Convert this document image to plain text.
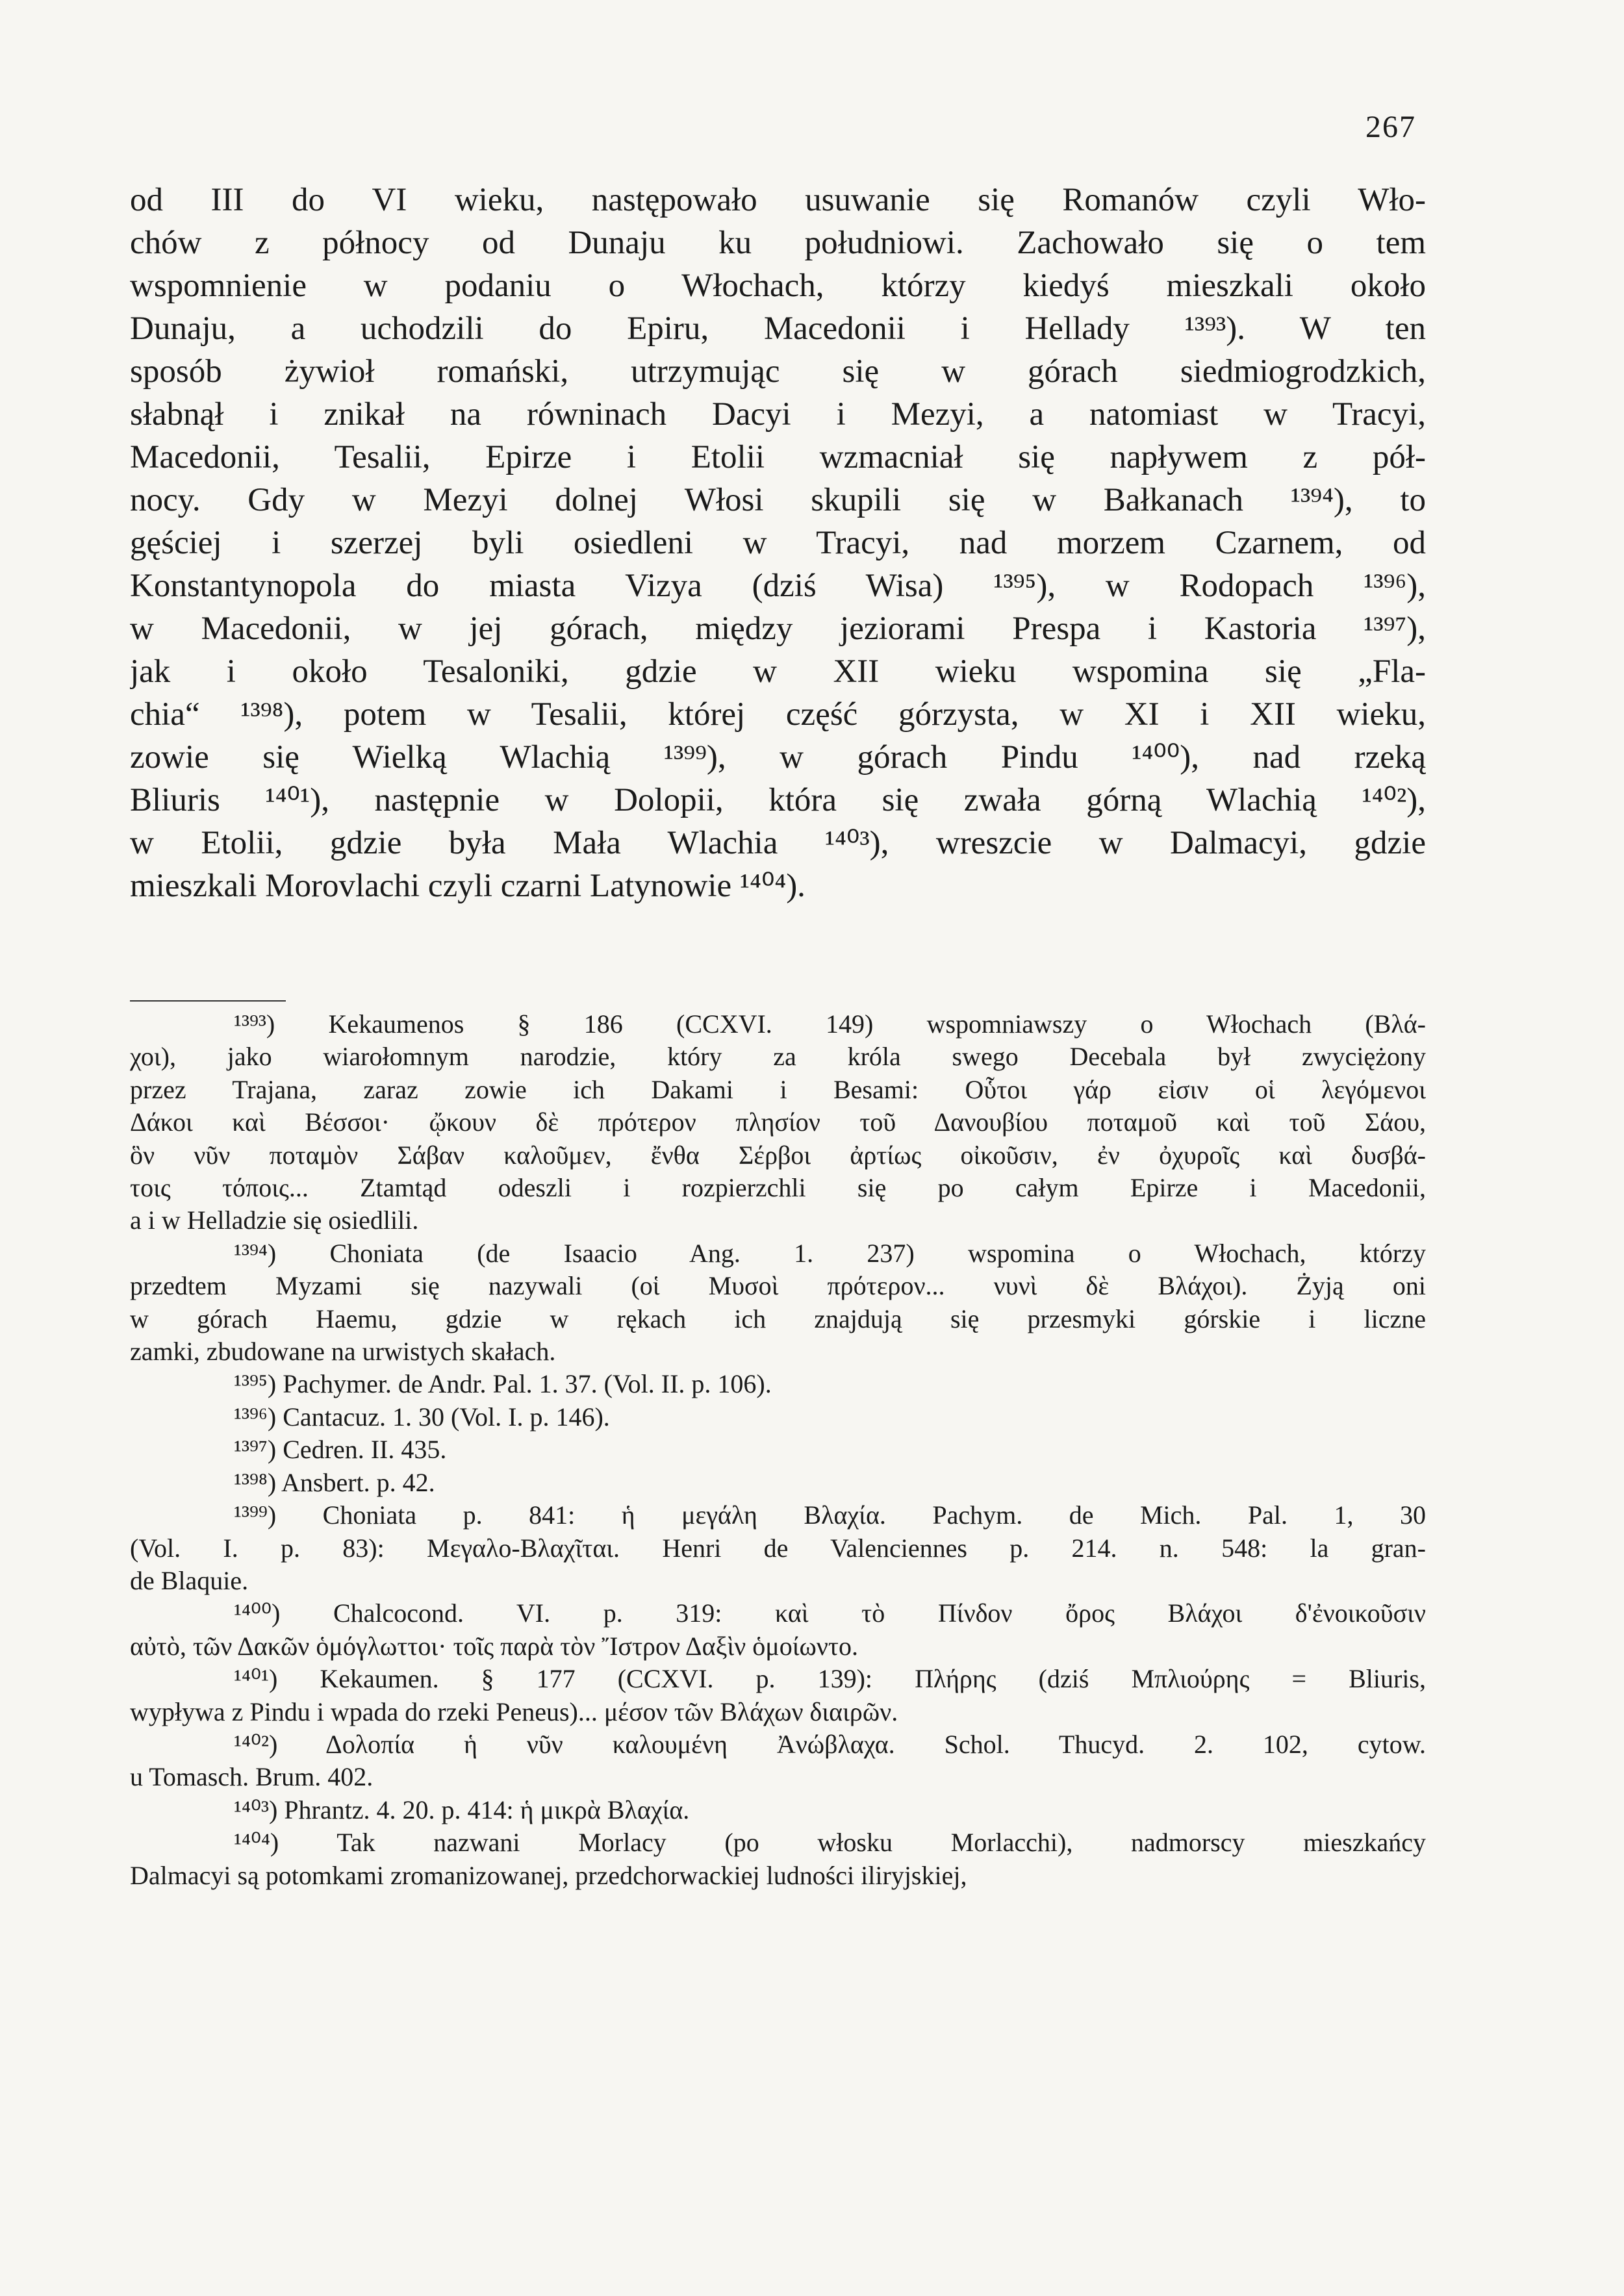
267
od III do VI wieku, następowało usuwanie się Romanów czyli Wło-
chów z północy od Dunaju ku południowi. Zachowało się o tem
wspomnienie w podaniu o Włochach, którzy kiedyś mieszkali około
Dunaju, a uchodzili do Epiru, Macedonii i Hellady ¹³⁹³). W ten
sposób żywioł romański, utrzymując się w górach siedmiogrodzkich,
słabnął i znikał na równinach Dacyi i Mezyi, a natomiast w Tracyi,
Macedonii, Tesalii, Epirze i Etolii wzmacniał się napływem z pół-
nocy. Gdy w Mezyi dolnej Włosi skupili się w Bałkanach ¹³⁹⁴), to
gęściej i szerzej byli osiedleni w Tracyi, nad morzem Czarnem, od
Konstantynopola do miasta Vizya (dziś Wisa) ¹³⁹⁵), w Rodopach ¹³⁹⁶),
w Macedonii, w jej górach, między jeziorami Prespa i Kastoria ¹³⁹⁷),
jak i około Tesaloniki, gdzie w XII wieku wspomina się „Fla-
chia“ ¹³⁹⁸), potem w Tesalii, której część górzysta, w XI i XII wieku,
zowie się Wielką Wlachią ¹³⁹⁹), w górach Pindu ¹⁴⁰⁰), nad rzeką
Bliuris ¹⁴⁰¹), następnie w Dolopii, która się zwała górną Wlachią ¹⁴⁰²),
w Etolii, gdzie była Mała Wlachia ¹⁴⁰³), wreszcie w Dalmacyi, gdzie
mieszkali Morovlachi czyli czarni Latynowie ¹⁴⁰⁴).
¹³⁹³) Kekaumenos § 186 (CCXVI. 149) wspomniawszy o Włochach (Βλά-
χοι), jako wiarołomnym narodzie, który za króla swego Decebala był zwyciężony
przez Trajana, zaraz zowie ich Dakami i Besami: Οὗτοι γάρ εἰσιν οἱ λεγόμενοι
Δάκοι καὶ Βέσσοι· ᾤκουν δὲ πρότερον πλησίον τοῦ Δανουβίου ποταμοῦ καὶ τοῦ Σάου,
ὃν νῦν ποταμὸν Σάβαν καλοῦμεν, ἔνθα Σέρβοι ἀρτίως οἰκοῦσιν, ἐν ὀχυροῖς καὶ δυσβά-
τοις τόποις... Ztamtąd odeszli i rozpierzchli się po całym Epirze i Macedonii,
a i w Helladzie się osiedlili.
¹³⁹⁴) Choniata (de Isaacio Ang. 1. 237) wspomina o Włochach, którzy
przedtem Myzami się nazywali (οἱ Μυσοὶ πρότερον... νυνὶ δὲ Βλάχοι). Żyją oni
w górach Haemu, gdzie w rękach ich znajdują się przesmyki górskie i liczne
zamki, zbudowane na urwistych skałach.
¹³⁹⁵) Pachymer. de Andr. Pal. 1. 37. (Vol. II. p. 106).
¹³⁹⁶) Cantacuz. 1. 30 (Vol. I. p. 146).
¹³⁹⁷) Cedren. II. 435.
¹³⁹⁸) Ansbert. p. 42.
¹³⁹⁹) Choniata p. 841: ἡ μεγάλη Βλαχία. Pachym. de Mich. Pal. 1, 30
(Vol. I. p. 83): Μεγαλο-Βλαχῖται. Henri de Valenciennes p. 214. n. 548: la gran-
de Blaquie.
¹⁴⁰⁰) Chalcocond. VI. p. 319: καὶ τὸ Πίνδον ὄρος Βλάχοι δ'ἐνοικοῦσιν
αὐτὸ, τῶν Δακῶν ὁμόγλωττοι· τοῖς παρὰ τὸν Ἴστρον Δαξὶν ὁμοίωντο.
¹⁴⁰¹) Kekaumen. § 177 (CCXVI. p. 139): Πλήρης (dziś Μπλιούρης = Bliuris,
wypływa z Pindu i wpada do rzeki Peneus)... μέσον τῶν Βλάχων διαιρῶν.
¹⁴⁰²) Δολοπία ἡ νῦν καλουμένη Ἀνώβλαχα. Schol. Thucyd. 2. 102, cytow.
u Tomasch. Brum. 402.
¹⁴⁰³) Phrantz. 4. 20. p. 414: ἡ μικρὰ Βλαχία.
¹⁴⁰⁴) Tak nazwani Morlacy (po włosku Morlacchi), nadmorscy mieszkańcy
Dalmacyi są potomkami zromanizowanej, przedchorwackiej ludności iliryjskiej,
